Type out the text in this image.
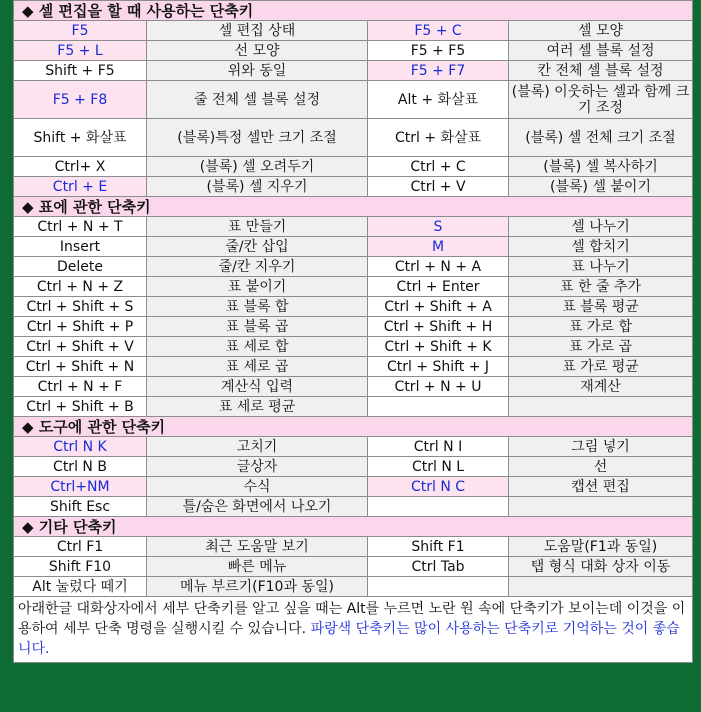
◆ 셀 편집을 할 때 사용하는 단축키			
F5	셀 편집 상태	F5 + C	셀 모양
F5 + L	선 모양	F5 + F5	여러 셀 블록 설정
Shift + F5	위와 동일	F5 + F7	칸 전체 셀 블록 설정
F5 + F8	줄 전체 셀 블록 설정	Alt + 화살표	(블록) 이웃하는 셀과 함께 크기 조정
Shift + 화살표	(블록)특정 셀만 크기 조절	Ctrl + 화살표	(블록) 셀 전체 크기 조절
Ctrl+ X	(블록) 셀 오려두기	Ctrl + C	(블록) 셀 복사하기
Ctrl + E	(블록) 셀 지우기	Ctrl + V	(블록) 셀 붙이기
◆ 표에 관한 단축키			
Ctrl + N + T	표 만들기	S	셀 나누기
Insert	줄/칸 삽입	M	셀 합치기
Delete	줄/칸 지우기	Ctrl + N + A	표 나누기
Ctrl + N + Z	표 붙이기	Ctrl + Enter	표 한 줄 추가
Ctrl + Shift + S	표 블록 합	Ctrl + Shift + A	표 블록 평균
Ctrl + Shift + P	표 블록 곱	Ctrl + Shift + H	표 가로 합
Ctrl + Shift + V	표 세로 합	Ctrl + Shift + K	표 가로 곱
Ctrl + Shift + N	표 세로 곱	Ctrl + Shift + J	표 가로 평균
Ctrl + N + F	계산식 입력	Ctrl + N + U	재계산
Ctrl + Shift + B	표 세로 평균		
◆ 도구에 관한 단축키			
Ctrl N K	고치기	Ctrl N I	그림 넣기
Ctrl N B	글상자	Ctrl N L	선
Ctrl+NM	수식	Ctrl N C	캡션 편집
Shift Esc	틀/숨은 화면에서 나오기		
◆ 기타 단축키			
Ctrl F1	최근 도움말 보기	Shift F1	도움말(F1과 동일)
Shift F10	빠른 메뉴	Ctrl Tab	탭 형식 대화 상자 이동
Alt 눌렀다 떼기	메뉴 부르기(F10과 동일)		
아래한글 대화상자에서 세부 단축키를 알고 싶을 때는 Alt를 누르면 노란 원 속에 단축키가 보이는데 이것을 이용하여 세부 단축 명령을 실행시킬 수 있습니다. 파랑색 단축키는 많이 사용하는 단축키로 기억하는 것이 좋습니다.			
